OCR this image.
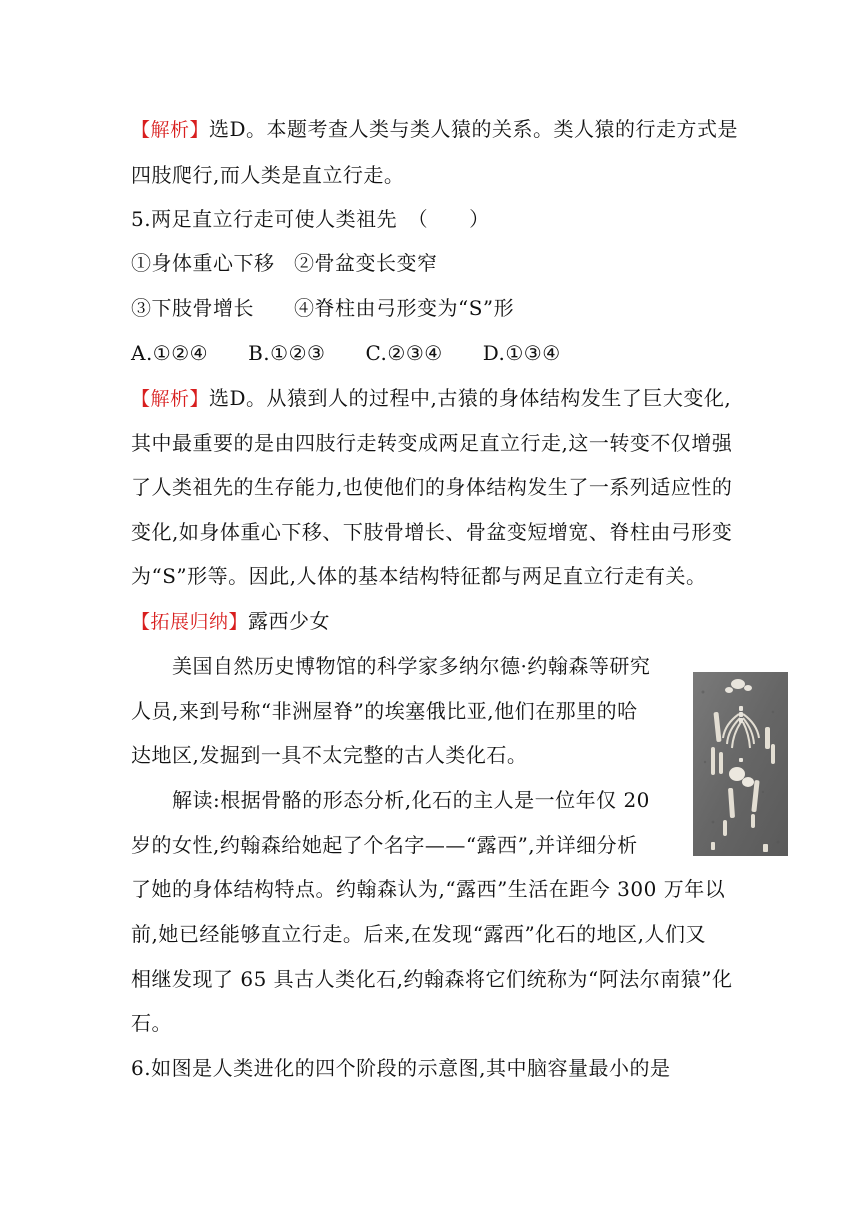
【解析】选D。本题考查人类与类人猿的关系。类人猿的行走方式是
四肢爬行,而人类是直立行走。
5.两足直立行走可使人类祖先　（　　）
①身体重心下移 ②骨盆变长变窄
③下肢骨增长 ④脊柱由弓形变为“S”形
A.①②④ B.①②③ C.②③④ D.①③④
【解析】选D。从猿到人的过程中,古猿的身体结构发生了巨大变化,
其中最重要的是由四肢行走转变成两足直立行走,这一转变不仅增强
了人类祖先的生存能力,也使他们的身体结构发生了一系列适应性的
变化,如身体重心下移、下肢骨增长、骨盆变短增宽、脊柱由弓形变
为“S”形等。因此,人体的基本结构特征都与两足直立行走有关。
【拓展归纳】露西少女
美国自然历史博物馆的科学家多纳尔德·约翰森等研究
人员,来到号称“非洲屋脊”的埃塞俄比亚,他们在那里的哈
达地区,发掘到一具不太完整的古人类化石。
解读:根据骨骼的形态分析,化石的主人是一位年仅 20
岁的女性,约翰森给她起了个名字——“露西”,并详细分析
了她的身体结构特点。约翰森认为,“露西”生活在距今 300 万年以
前,她已经能够直立行走。后来,在发现“露西”化石的地区,人们又
相继发现了 65 具古人类化石,约翰森将它们统称为“阿法尔南猿”化
石。
6.如图是人类进化的四个阶段的示意图,其中脑容量最小的是
